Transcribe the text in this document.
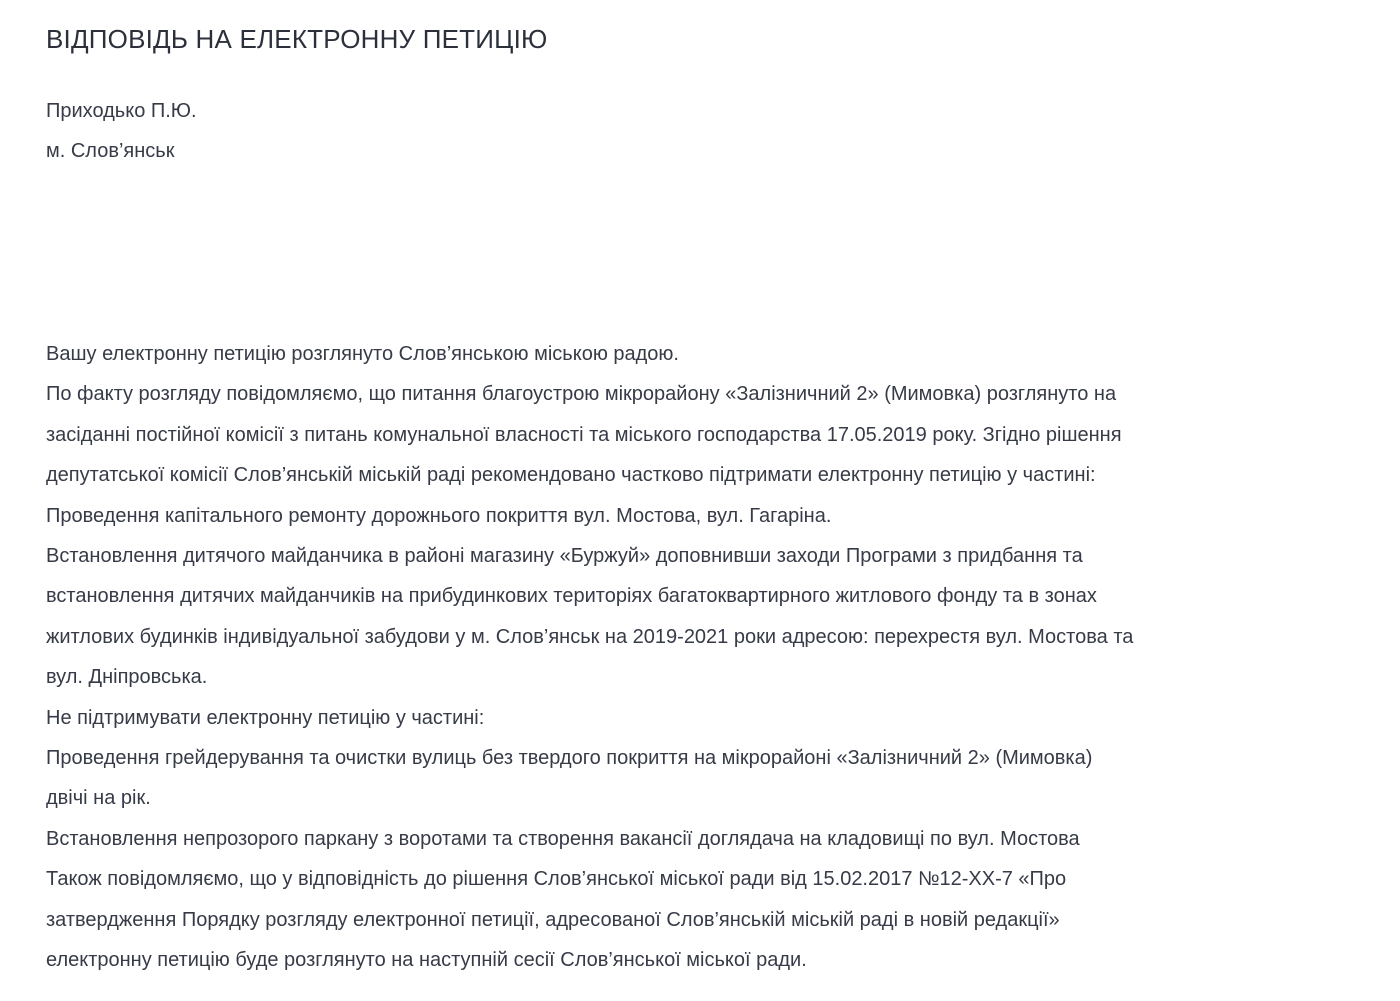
ВІДПОВІДЬ НА ЕЛЕКТРОННУ ПЕТИЦІЮ
Приходько П.Ю.
м. Слов’янськ
Вашу електронну петицію розглянуто Слов’янською міською радою.
По факту розгляду повідомляємо, що питання благоустрою мікрорайону «Залізничний 2» (Мимовка) розглянуто на
засіданні постійної комісії з питань комунальної власності та міського господарства 17.05.2019 року. Згідно рішення
депутатської комісії Слов’янській міській раді рекомендовано частково підтримати електронну петицію у частині:
Проведення капітального ремонту дорожнього покриття вул. Мостова, вул. Гагаріна.
Встановлення дитячого майданчика в районі магазину «Буржуй» доповнивши заходи Програми з придбання та
встановлення дитячих майданчиків на прибудинкових територіях багатоквартирного житлового фонду та в зонах
житлових будинків індивідуальної забудови у м. Слов’янськ на 2019-2021 роки адресою: перехрестя вул. Мостова та
вул. Дніпровська.
Не підтримувати електронну петицію у частині:
Проведення грейдерування та очистки вулиць без твердого покриття на мікрорайоні «Залізничний 2» (Мимовка)
двічі на рік.
Встановлення непрозорого паркану з воротами та створення вакансії доглядача на кладовищі по вул. Мостова
Також повідомляємо, що у відповідність до рішення Слов’янської міської ради від 15.02.2017 №12-ХХ-7 «Про
затвердження Порядку розгляду електронної петиції, адресованої Слов’янській міській раді в новій редакції»
електронну петицію буде розглянуто на наступній сесії Слов’янської міської ради.
